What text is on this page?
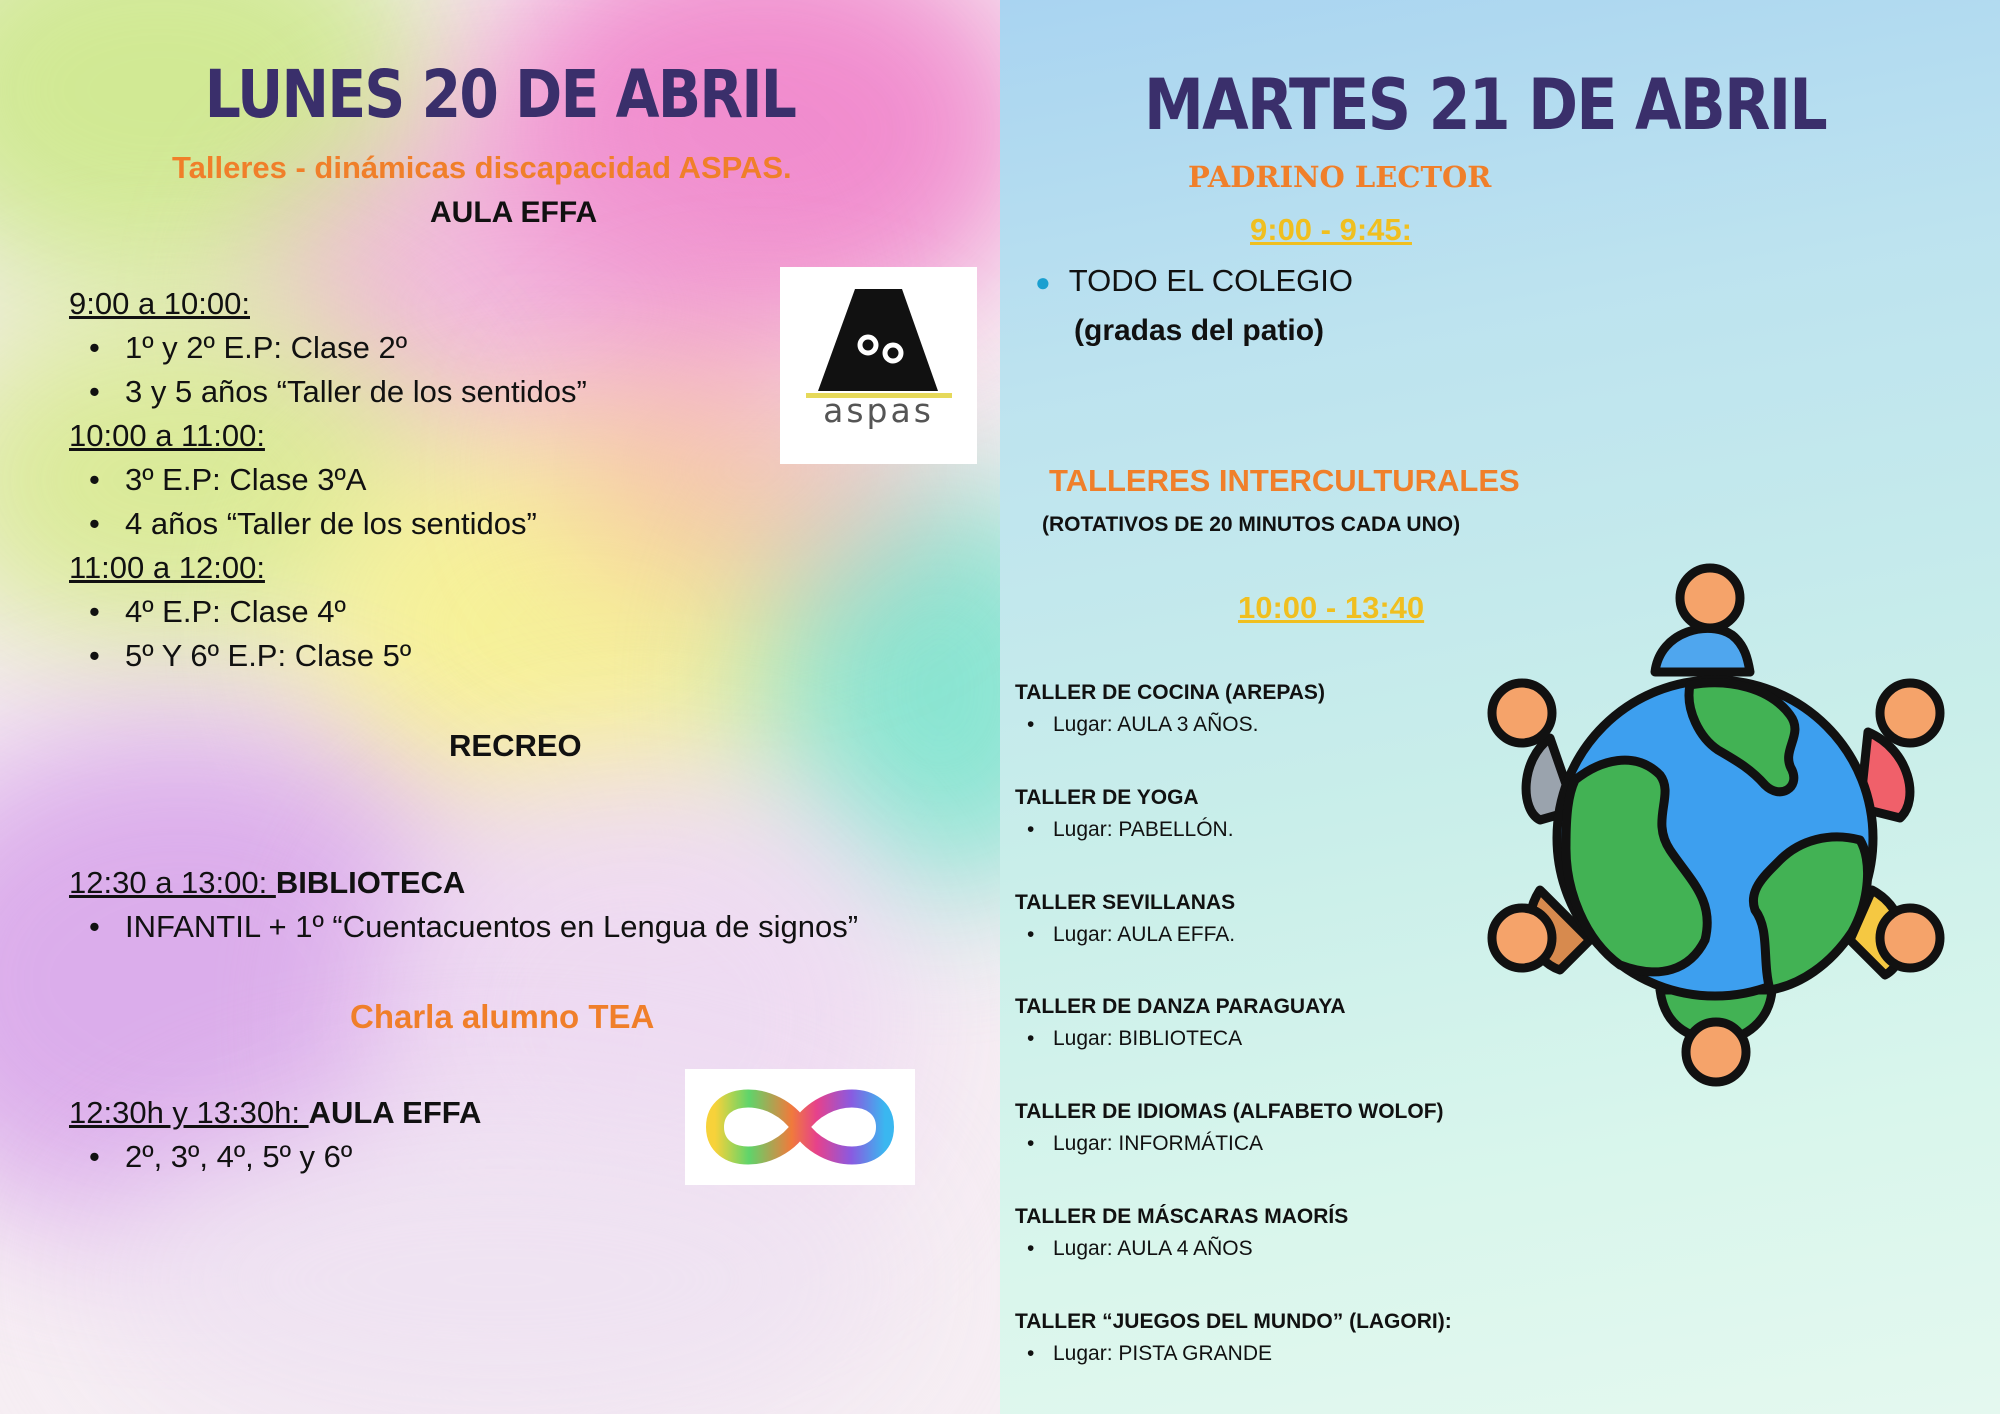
LUNES 20 DE ABRIL
Talleres - dinámicas discapacidad ASPAS.
AULA EFFA
9:00 a 10:00:
• 1º y 2º E.P: Clase 2º
• 3 y 5 años “Taller de los sentidos”
10:00 a 11:00:
• 3º E.P: Clase 3ºA
• 4 años “Taller de los sentidos”
11:00 a 12:00:
• 4º E.P: Clase 4º
• 5º Y 6º E.P: Clase 5º
RECREO
12:30 a 13:00: BIBLIOTECA
• INFANTIL + 1º “Cuentacuentos en Lengua de signos”
Charla alumno TEA
12:30h y 13:30h: AULA EFFA
• 2º, 3º, 4º, 5º y 6º
aspas
MARTES 21 DE ABRIL
PADRINO LECTOR
9:00 - 9:45:
● TODO EL COLEGIO
(gradas del patio)
TALLERES INTERCULTURALES
(ROTATIVOS DE 20 MINUTOS CADA UNO)
10:00 - 13:40
TALLER DE COCINA (AREPAS)
• Lugar: AULA 3 AÑOS.
TALLER DE YOGA
• Lugar: PABELLÓN.
TALLER SEVILLANAS
• Lugar: AULA EFFA.
TALLER DE DANZA PARAGUAYA
• Lugar: BIBLIOTECA
TALLER DE IDIOMAS (ALFABETO WOLOF)
• Lugar: INFORMÁTICA
TALLER DE MÁSCARAS MAORÍS
• Lugar: AULA 4 AÑOS
TALLER “JUEGOS DEL MUNDO” (LAGORI):
• Lugar: PISTA GRANDE
